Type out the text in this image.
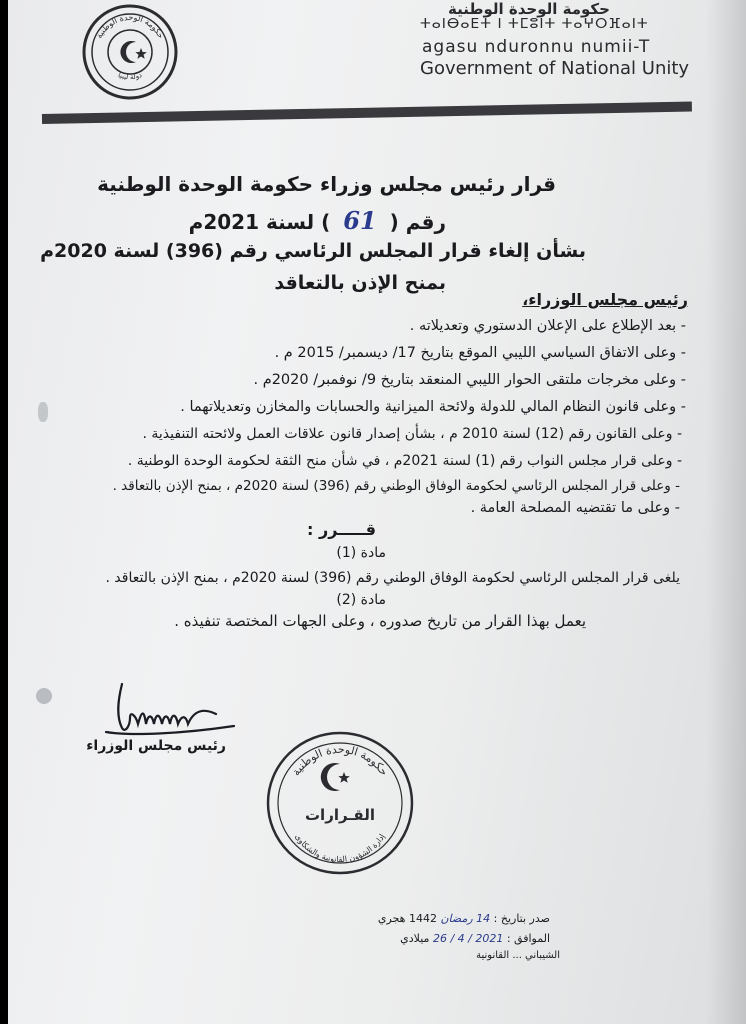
حكومة الوحدة الوطنية
دولة ليبيا
حكومة الوحدة الوطنية
ⵜⴰⵏⴱⴰⴹⵜ ⵏ ⵜⵎⵓⵏⵜ ⵜⴰⵖⵔⴼⴰⵏⵜ
agasu nduronnu numii-T
Government of National Unity
قرار رئيس مجلس وزراء حكومة الوحدة الوطنية
رقم ( 61 ) لسنة 2021م
بشأن إلغاء قرار المجلس الرئاسي رقم (396) لسنة 2020م
بمنح الإذن بالتعاقد
رئيس مجلس الوزراء،
- بعد الإطلاع على الإعلان الدستوري وتعديلاته .
- وعلى الاتفاق السياسي الليبي الموقع بتاريخ 17/ ديسمبر/ 2015 م .
- وعلى مخرجات ملتقى الحوار الليبي المنعقد بتاريخ 9/ نوفمبر/ 2020م .
- وعلى قانون النظام المالي للدولة ولائحة الميزانية والحسابات والمخازن وتعديلاتهما .
- وعلى القانون رقم (12) لسنة 2010 م ، بشأن إصدار قانون علاقات العمل ولائحته التنفيذية .
- وعلى قرار مجلس النواب رقم (1) لسنة 2021م ، في شأن منح الثقة لحكومة الوحدة الوطنية .
- وعلى قرار المجلس الرئاسي لحكومة الوفاق الوطني رقم (396) لسنة 2020م ، بمنح الإذن بالتعاقد .
- وعلى ما تقتضيه المصلحة العامة .
قـــــرر :
مادة (1)
يلغى قرار المجلس الرئاسي لحكومة الوفاق الوطني رقم (396) لسنة 2020م ، بمنح الإذن بالتعاقد .
مادة (2)
يعمل بهذا القرار من تاريخ صدوره ، وعلى الجهات المختصة تنفيذه .
رئيس مجلس الوزراء
حكومة الوحدة الوطنية
القـرارات
إدارة الشؤون القانونية والشكاوى
صدر بتاريخ : 14 رمضان 1442 هجري
الموافق : 2021 / 4 / 26 ميلادي
الشيباني ... القانونية
